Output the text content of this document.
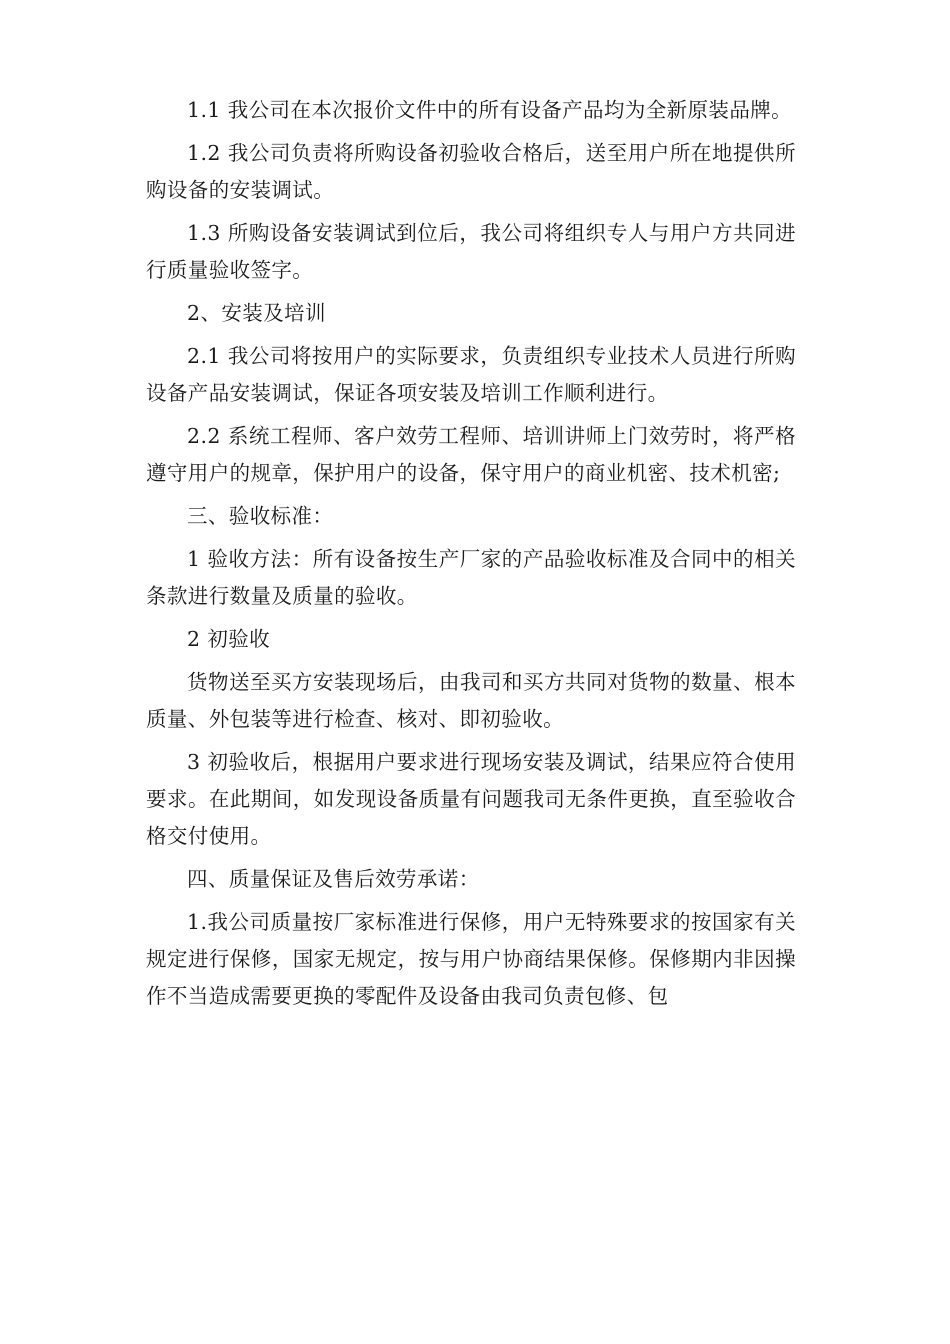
1.1 我公司在本次报价文件中的所有设备产品均为全新原装品牌。

1.2 我公司负责将所购设备初验收合格后，送至用户所在地提供所购设备的安装调试。

1.3 所购设备安装调试到位后，我公司将组织专人与用户方共同进行质量验收签字。

2、安装及培训

2.1 我公司将按用户的实际要求，负责组织专业技术人员进行所购设备产品安装调试，保证各项安装及培训工作顺利进行。

2.2 系统工程师、客户效劳工程师、培训讲师上门效劳时，将严格遵守用户的规章，保护用户的设备，保守用户的商业机密、技术机密;

三、验收标准：

1 验收方法：所有设备按生产厂家的产品验收标准及合同中的相关条款进行数量及质量的验收。

2 初验收

货物送至买方安装现场后，由我司和买方共同对货物的数量、根本质量、外包装等进行检查、核对、即初验收。

3 初验收后，根据用户要求进行现场安装及调试，结果应符合使用要求。在此期间，如发现设备质量有问题我司无条件更换，直至验收合格交付使用。

四、质量保证及售后效劳承诺：

1.我公司质量按厂家标准进行保修，用户无特殊要求的按国家有关规定进行保修，国家无规定，按与用户协商结果保修。保修期内非因操作不当造成需要更换的零配件及设备由我司负责包修、包
